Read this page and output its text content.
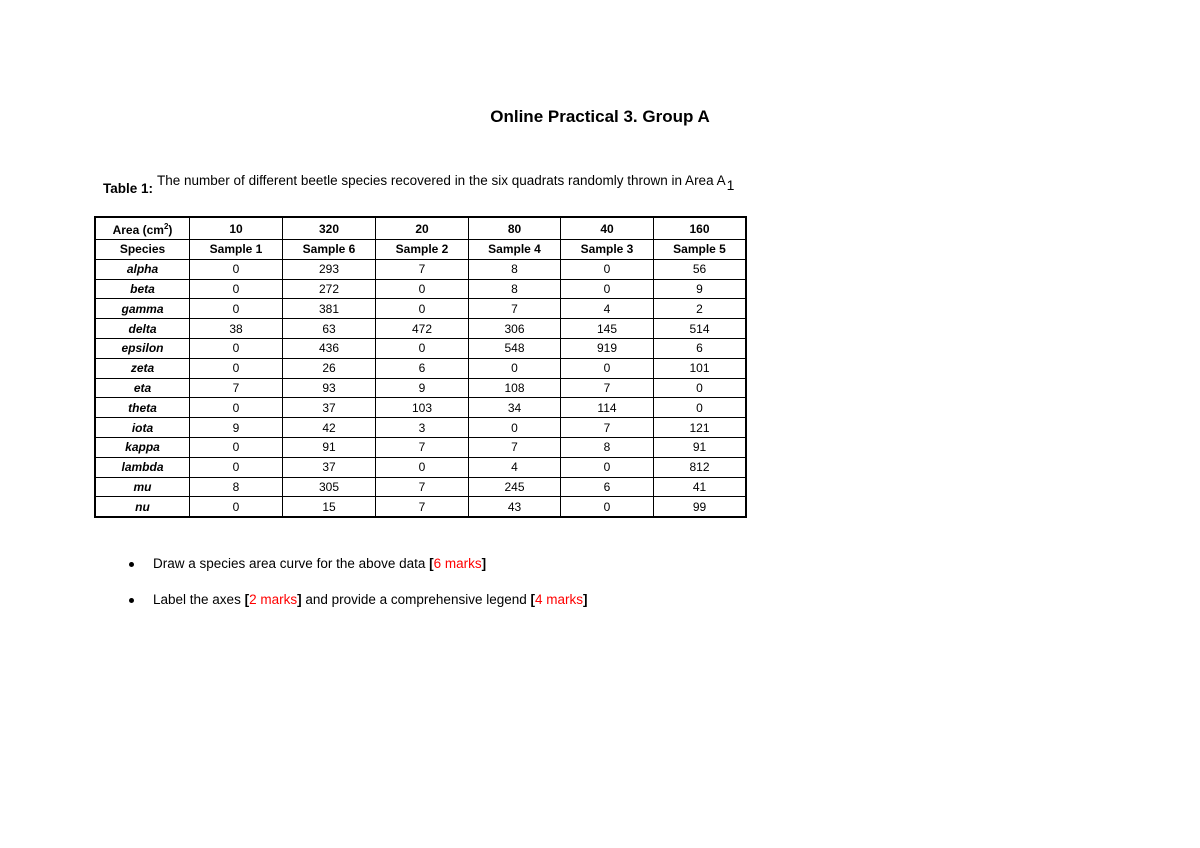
Online Practical 3. Group A
Table 1:The number of different beetle species recovered in the six quadrats randomly thrown in Area A1
Area $(cm^2)$	10	320	20	80	40	160
Species	Sample 1	Sample 6	Sample 2	Sample 4	Sample 3	Sample 5
alpha	0	293	7	8	0	56
beta	0	272	0	8	0	9
gamma	0	381	0	7	4	2
delta	38	63	472	306	145	514
epsilon	0	436	0	548	919	6
zeta	0	26	6	0	0	101
eta	7	93	9	108	7	0
theta	0	37	103	34	114	0
iota	9	42	3	0	7	121
kappa	0	91	7	7	8	91
lambda	0	37	0	4	0	812
mu	8	305	7	245	6	41
nu	0	15	7	43	0	99
Draw a species area curve for the above data [6 marks]
Label the axes [2 marks] and provide a comprehensive legend [4 marks]
